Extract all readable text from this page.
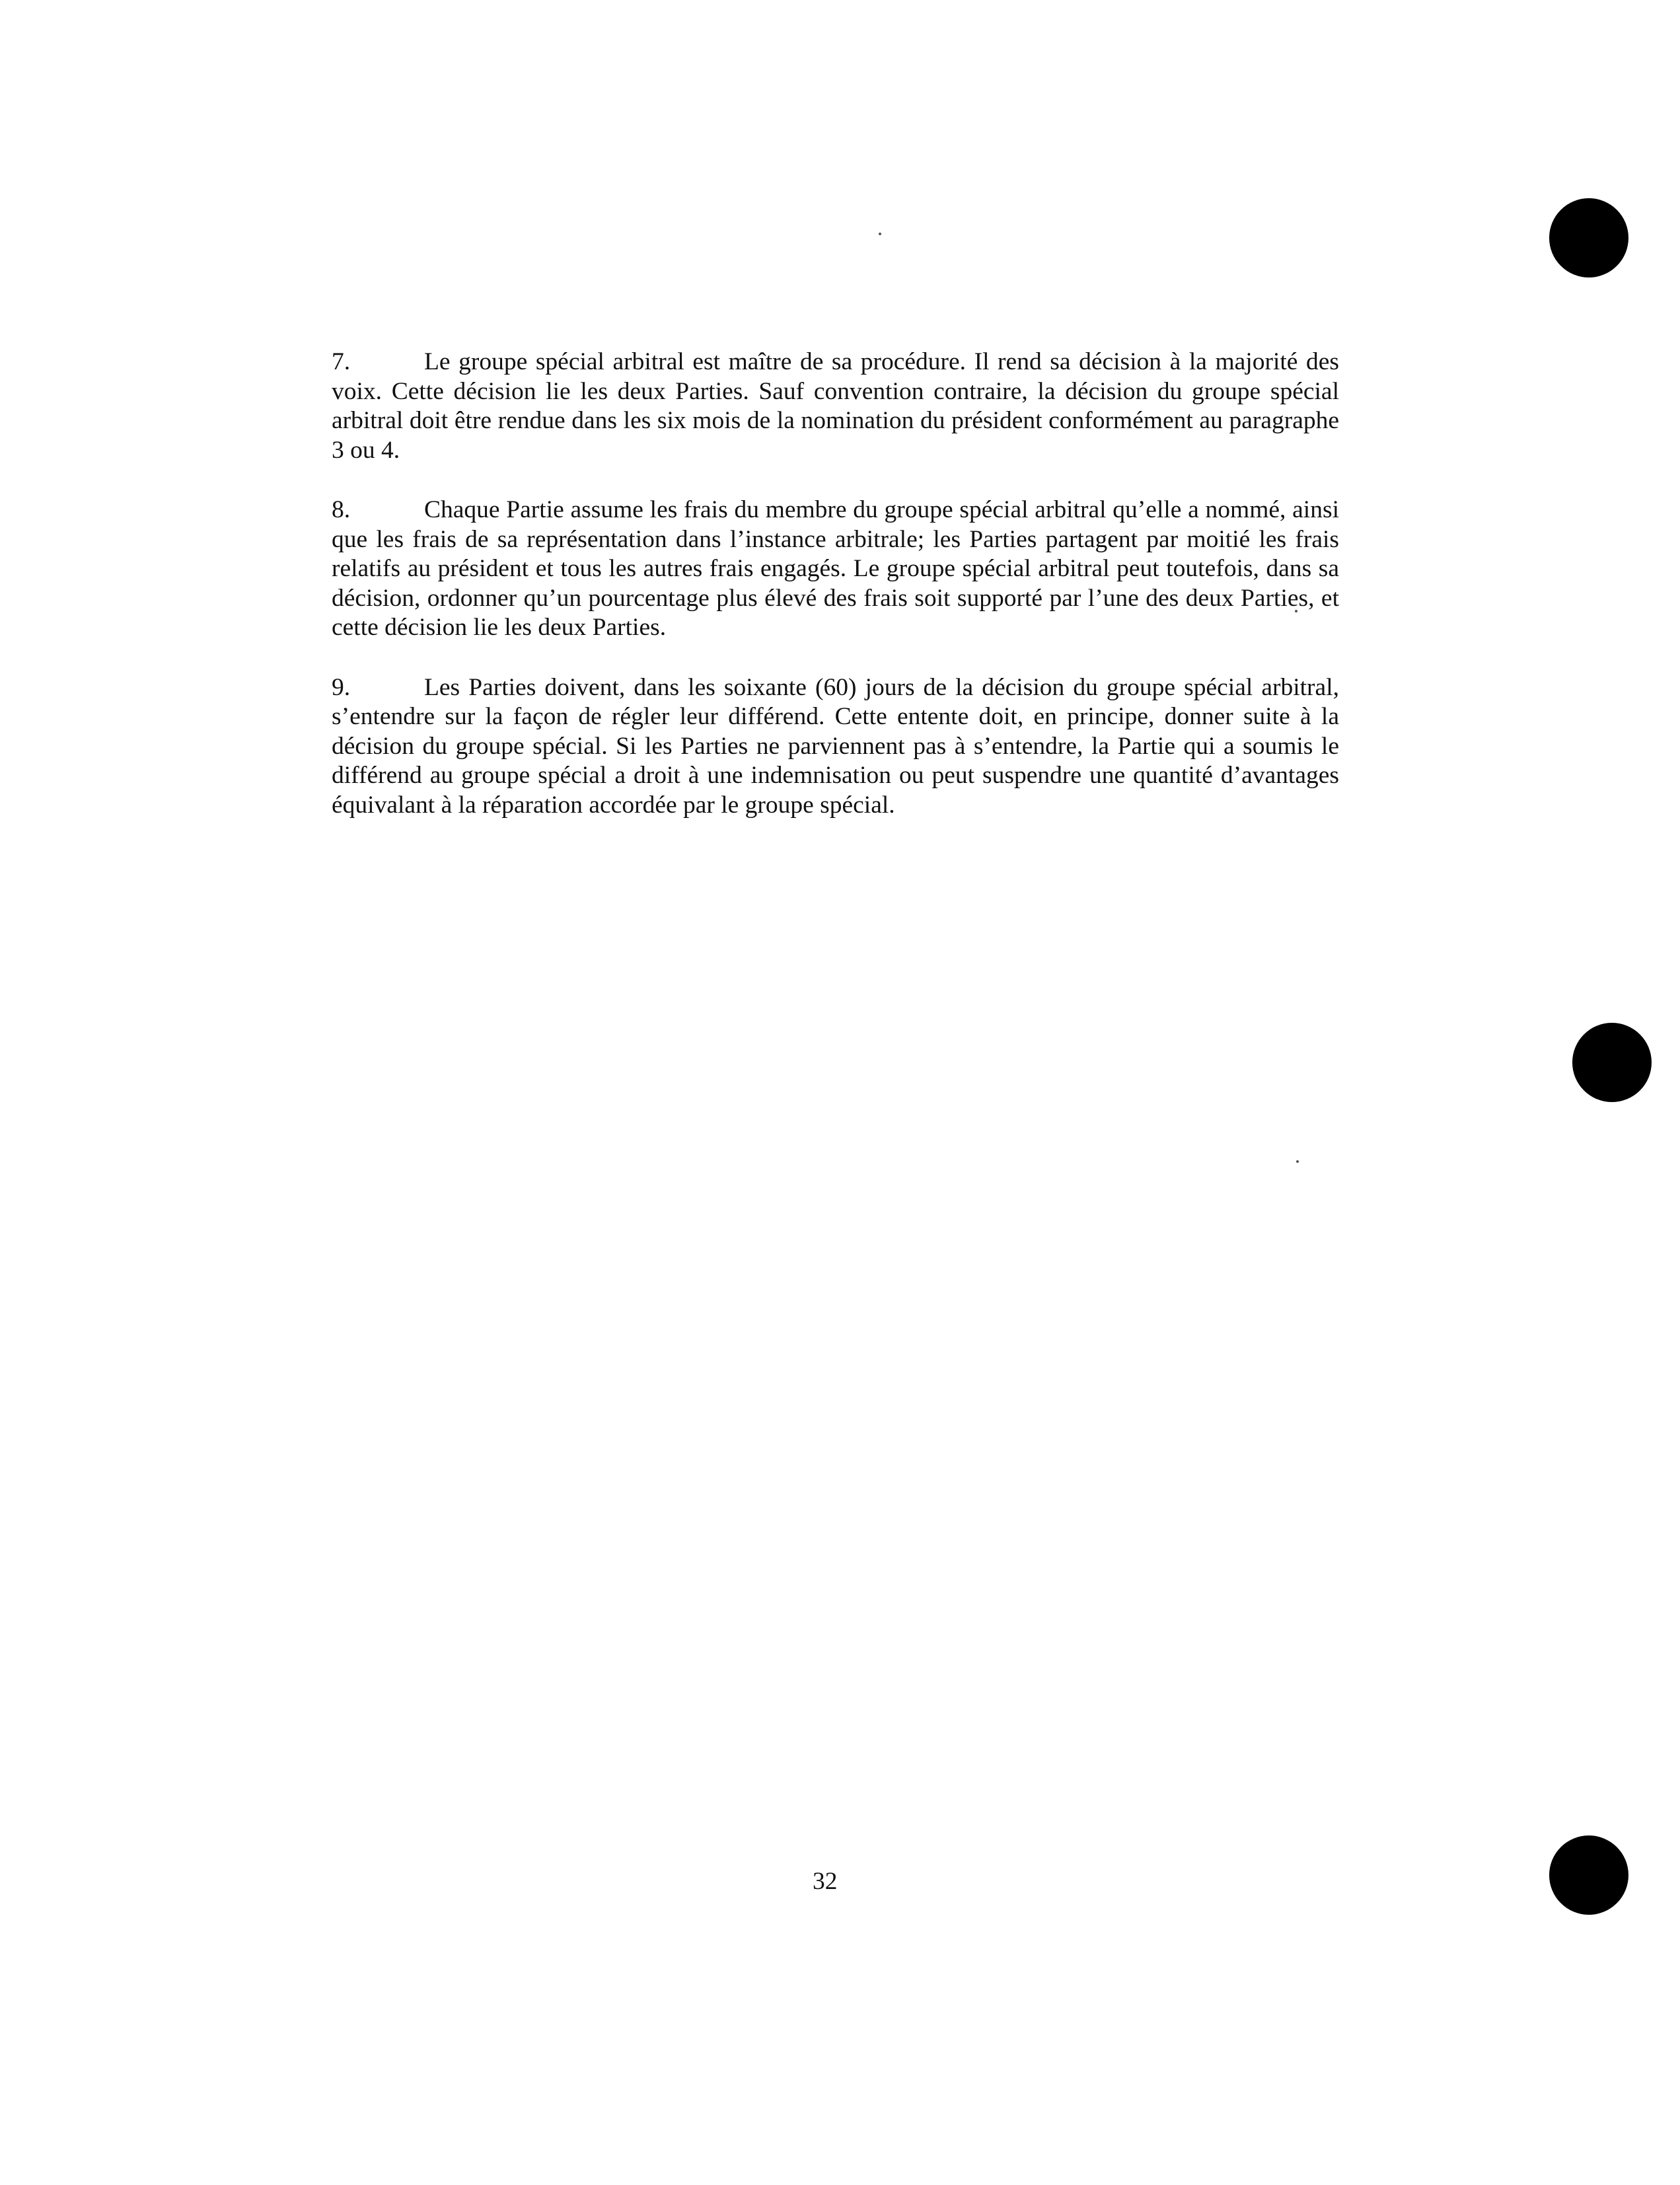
7.	Le groupe spécial arbitral est maître de sa procédure. Il rend sa décision à la majorité des voix. Cette décision lie les deux Parties. Sauf convention contraire, la décision du groupe spécial arbitral doit être rendue dans les six mois de la nomination du président conformément au paragraphe 3 ou 4.

8.	Chaque Partie assume les frais du membre du groupe spécial arbitral qu’elle a nommé, ainsi que les frais de sa représentation dans l’instance arbitrale; les Parties partagent par moitié les frais relatifs au président et tous les autres frais engagés. Le groupe spécial arbitral peut toutefois, dans sa décision, ordonner qu’un pourcentage plus élevé des frais soit supporté par l’une des deux Parties, et cette décision lie les deux Parties.

9.	Les Parties doivent, dans les soixante (60) jours de la décision du groupe spécial arbitral, s’entendre sur la façon de régler leur différend. Cette entente doit, en principe, donner suite à la décision du groupe spécial. Si les Parties ne parviennent pas à s’entendre, la Partie qui a soumis le différend au groupe spécial a droit à une indemnisation ou peut suspendre une quantité d’avantages équivalant à la réparation accordée par le groupe spécial.

32
